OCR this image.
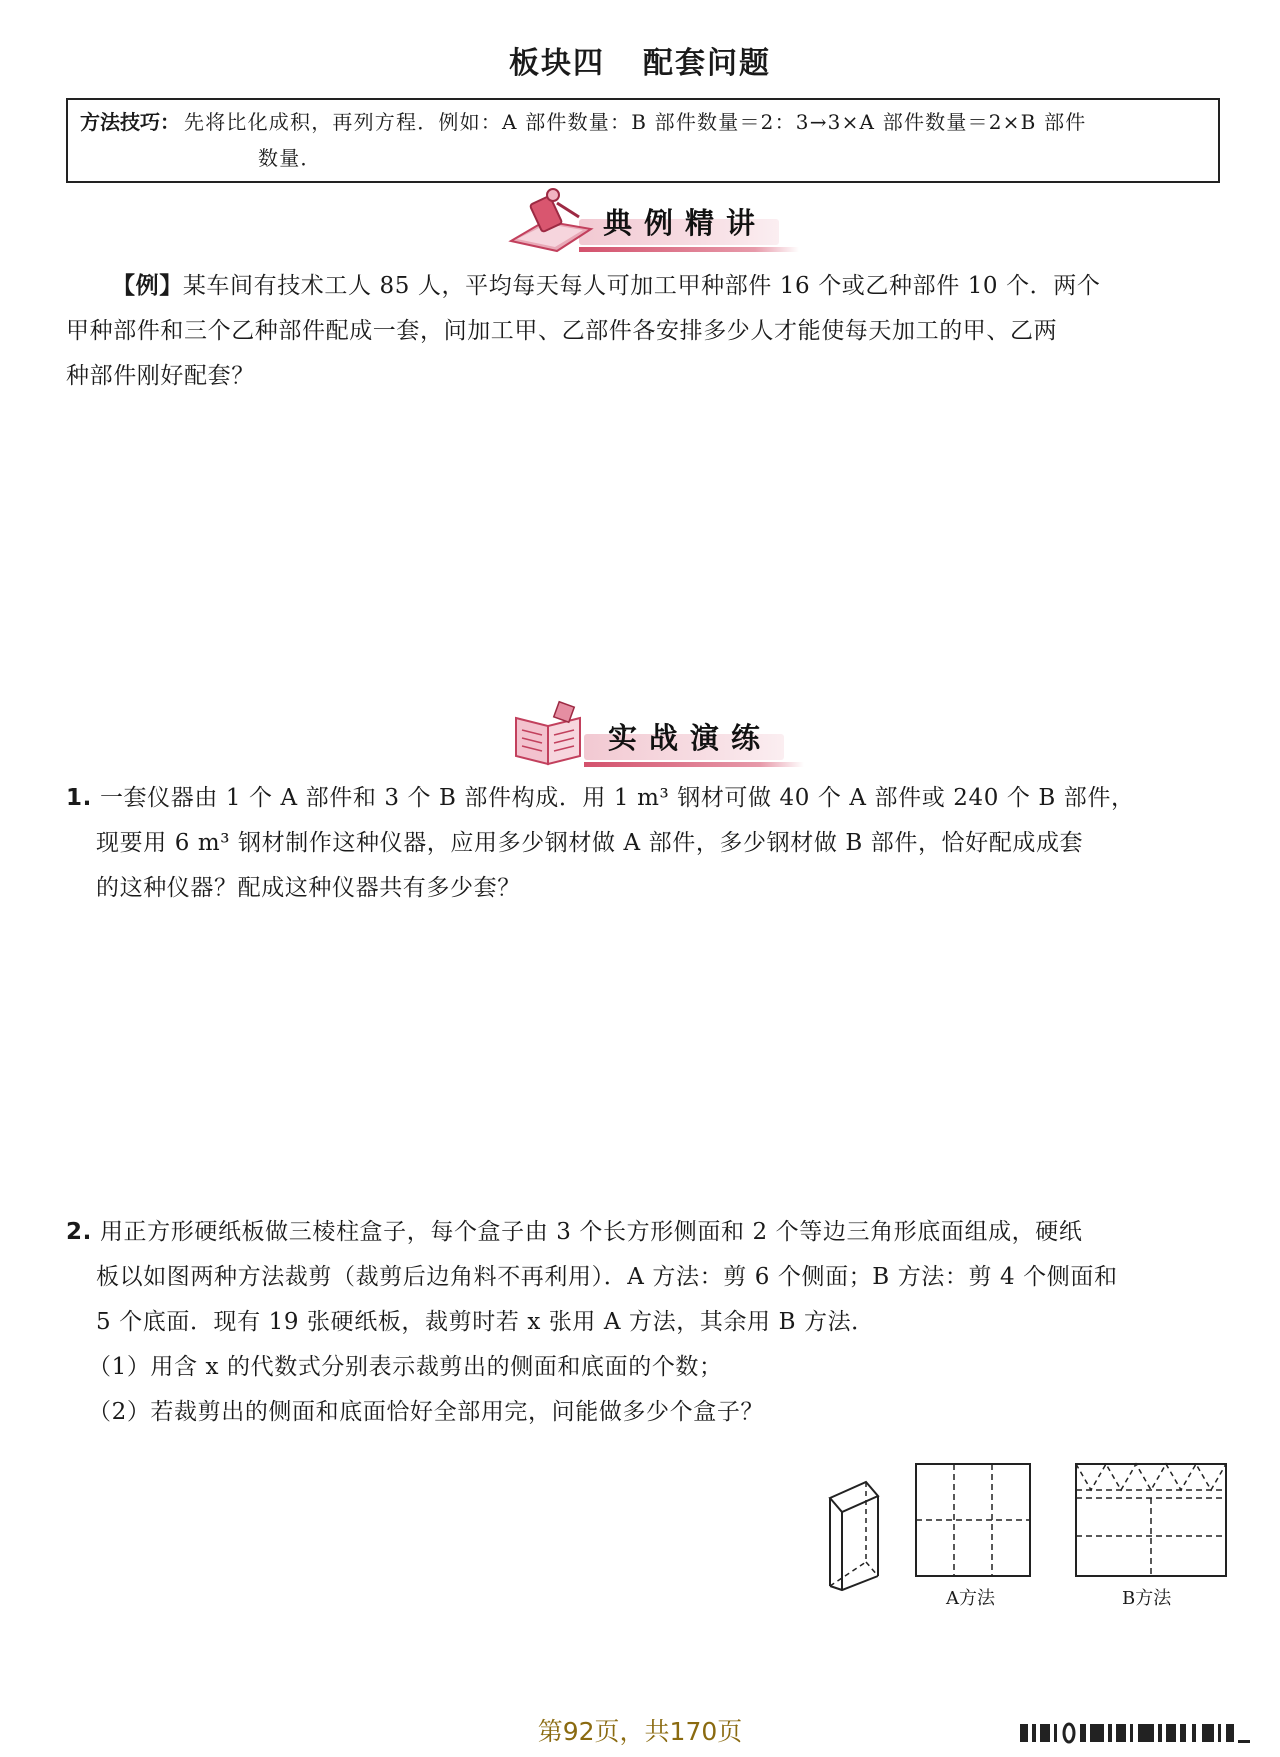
板块四 配套问题
方法技巧： 先将比化成积，再列方程．例如：A 部件数量：B 部件数量＝2：3→3×A 部件数量＝2×B 部件
数量．
典例精讲
【例】某车间有技术工人 85 人，平均每天每人可加工甲种部件 16 个或乙种部件 10 个．两个
甲种部件和三个乙种部件配成一套，问加工甲、乙部件各安排多少人才能使每天加工的甲、乙两
种部件刚好配套？
实战演练
1. 一套仪器由 1 个 A 部件和 3 个 B 部件构成．用 1 m³ 钢材可做 40 个 A 部件或 240 个 B 部件，
现要用 6 m³ 钢材制作这种仪器，应用多少钢材做 A 部件，多少钢材做 B 部件，恰好配成成套
的这种仪器？配成这种仪器共有多少套？
2. 用正方形硬纸板做三棱柱盒子，每个盒子由 3 个长方形侧面和 2 个等边三角形底面组成，硬纸
板以如图两种方法裁剪（裁剪后边角料不再利用）．A 方法：剪 6 个侧面；B 方法：剪 4 个侧面和
5 个底面．现有 19 张硬纸板，裁剪时若 x 张用 A 方法，其余用 B 方法．
（1）用含 x 的代数式分别表示裁剪出的侧面和底面的个数；
（2）若裁剪出的侧面和底面恰好全部用完，问能做多少个盒子？
A方法	B方法
第92页，共170页
